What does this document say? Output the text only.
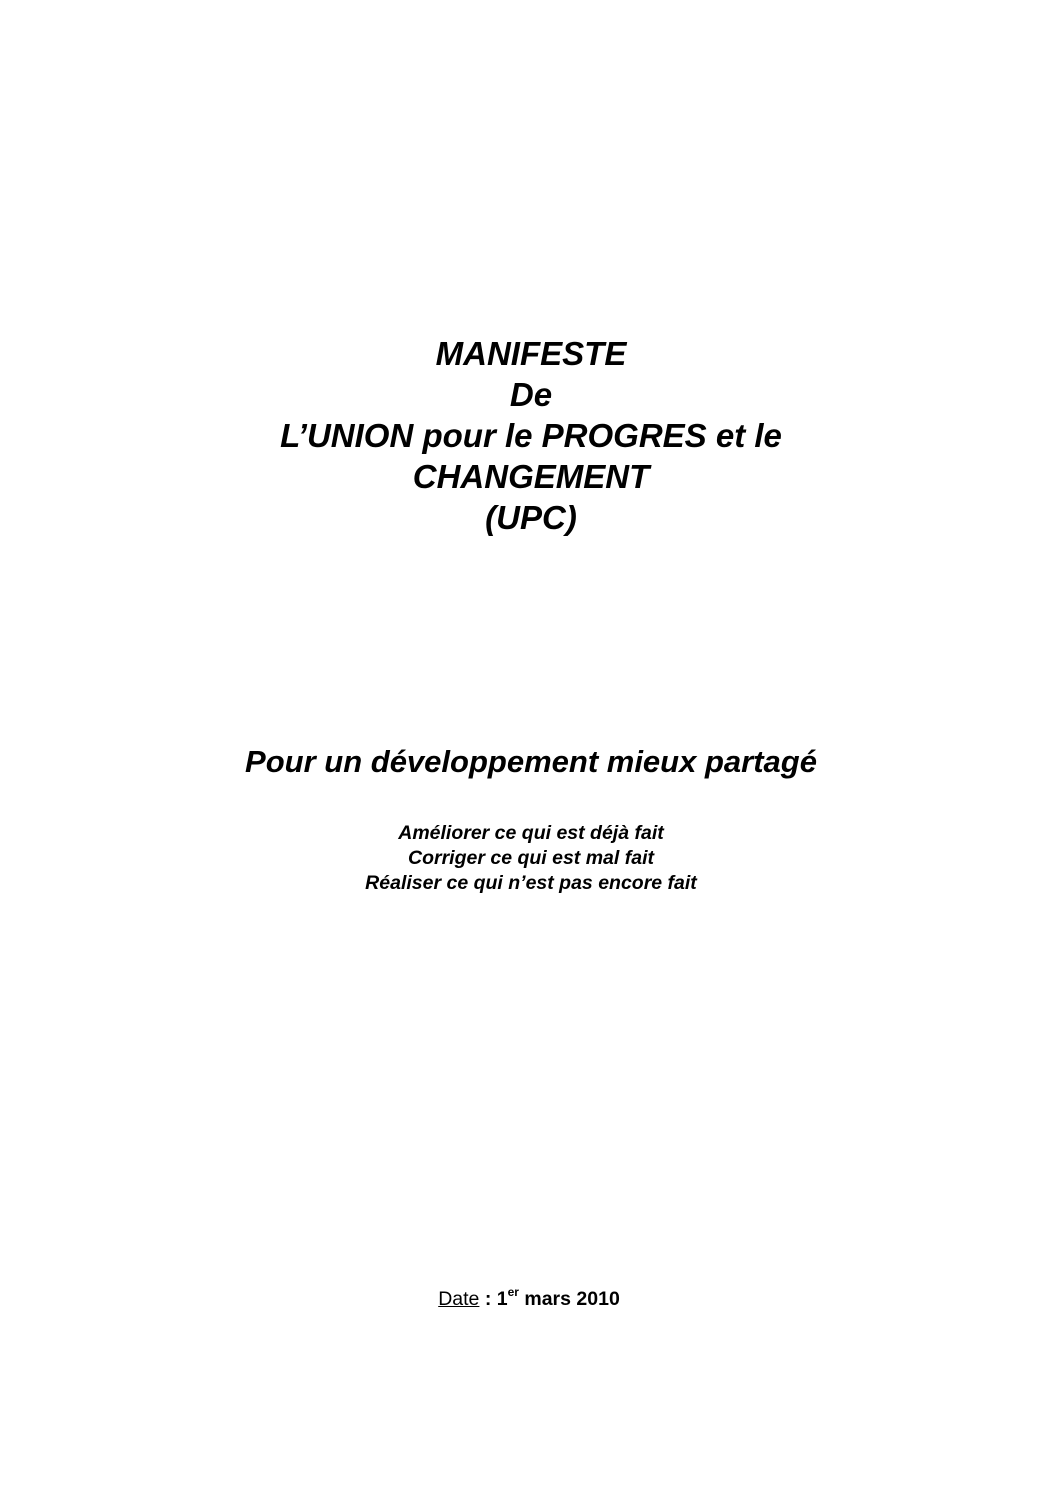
MANIFESTE
De
L’UNION pour le PROGRES et le
CHANGEMENT
(UPC)
Pour un développement mieux partagé
Améliorer ce qui est déjà fait
Corriger ce qui est mal fait
Réaliser ce qui n’est pas encore fait
Date : 1er mars 2010
